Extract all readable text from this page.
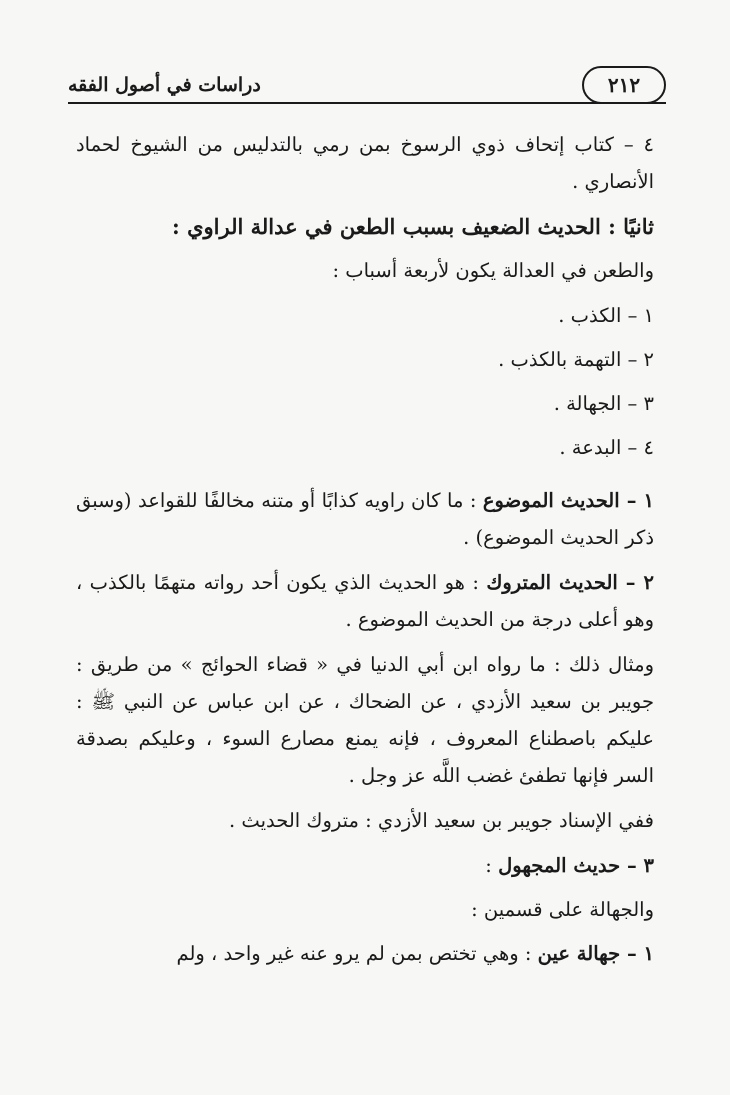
دراسات في أصول الفقه	٢١٢

٤ – كتاب إتحاف ذوي الرسوخ بمن رمي بالتدليس من الشيوخ لحماد الأنصاري .

ثانيًا : الحديث الضعيف بسبب الطعن في عدالة الراوي :

والطعن في العدالة يكون لأربعة أسباب :

١ – الكذب .

٢ – التهمة بالكذب .

٣ – الجهالة .

٤ – البدعة .

١ – الحديث الموضوع : ما كان راويه كذابًا أو متنه مخالفًا للقواعد (وسبق ذكر الحديث الموضوع) .

٢ – الحديث المتروك : هو الحديث الذي يكون أحد رواته متهمًا بالكذب ، وهو أعلى درجة من الحديث الموضوع .

ومثال ذلك : ما رواه ابن أبي الدنيا في « قضاء الحوائج » من طريق : جويبر بن سعيد الأزدي ، عن الضحاك ، عن ابن عباس عن النبي ﷺ : عليكم باصطناع المعروف ، فإنه يمنع مصارع السوء ، وعليكم بصدقة السر فإنها تطفئ غضب اللَّه عز وجل .

ففي الإسناد جويبر بن سعيد الأزدي : متروك الحديث .

٣ – حديث المجهول :

والجهالة على قسمين :

١ – جهالة عين : وهي تختص بمن لم يرو عنه غير واحد ، ولم
